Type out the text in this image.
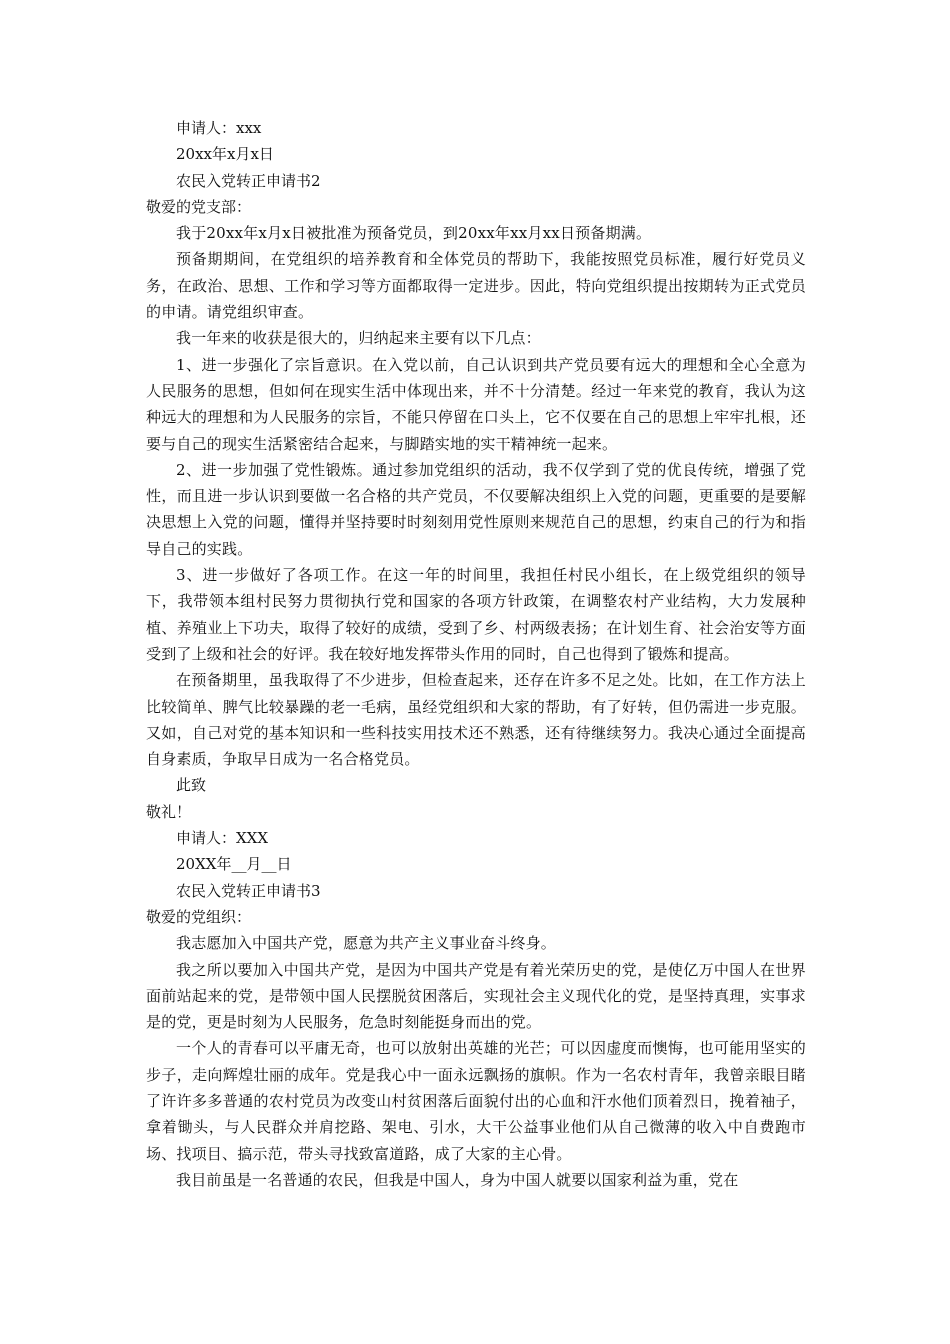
申请人：xxx

20xx年x月x日

农民入党转正申请书2

敬爱的党支部：

我于20xx年x月x日被批准为预备党员，到20xx年xx月xx日预备期满。

预备期期间，在党组织的培养教育和全体党员的帮助下，我能按照党员标准，履行好党员义务，在政治、思想、工作和学习等方面都取得一定进步。因此，特向党组织提出按期转为正式党员的申请。请党组织审查。

我一年来的收获是很大的，归纳起来主要有以下几点：

1、进一步强化了宗旨意识。在入党以前，自己认识到共产党员要有远大的理想和全心全意为人民服务的思想，但如何在现实生活中体现出来，并不十分清楚。经过一年来党的教育，我认为这种远大的理想和为人民服务的宗旨，不能只停留在口头上，它不仅要在自己的思想上牢牢扎根，还要与自己的现实生活紧密结合起来，与脚踏实地的实干精神统一起来。

2、进一步加强了党性锻炼。通过参加党组织的活动，我不仅学到了党的优良传统，增强了党性，而且进一步认识到要做一名合格的共产党员，不仅要解决组织上入党的问题，更重要的是要解决思想上入党的问题，懂得并坚持要时时刻刻用党性原则来规范自己的思想，约束自己的行为和指导自己的实践。

3、进一步做好了各项工作。在这一年的时间里，我担任村民小组长，在上级党组织的领导下，我带领本组村民努力贯彻执行党和国家的各项方针政策，在调整农村产业结构，大力发展种植、养殖业上下功夫，取得了较好的成绩，受到了乡、村两级表扬；在计划生育、社会治安等方面受到了上级和社会的好评。我在较好地发挥带头作用的同时，自己也得到了锻炼和提高。

在预备期里，虽我取得了不少进步，但检查起来，还存在许多不足之处。比如，在工作方法上比较简单、脾气比较暴躁的老一毛病，虽经党组织和大家的帮助，有了好转，但仍需进一步克服。又如，自己对党的基本知识和一些科技实用技术还不熟悉，还有待继续努力。我决心通过全面提高自身素质，争取早日成为一名合格党员。

此致

敬礼！

申请人：XXX

20XX年__月__日

农民入党转正申请书3

敬爱的党组织：

我志愿加入中国共产党，愿意为共产主义事业奋斗终身。

我之所以要加入中国共产党，是因为中国共产党是有着光荣历史的党，是使亿万中国人在世界面前站起来的党，是带领中国人民摆脱贫困落后，实现社会主义现代化的党，是坚持真理，实事求是的党，更是时刻为人民服务，危急时刻能挺身而出的党。

一个人的青春可以平庸无奇，也可以放射出英雄的光芒；可以因虚度而懊悔，也可能用坚实的步子，走向辉煌壮丽的成年。党是我心中一面永远飘扬的旗帜。作为一名农村青年，我曾亲眼目睹了许许多多普通的农村党员为改变山村贫困落后面貌付出的心血和汗水他们顶着烈日，挽着袖子，拿着锄头，与人民群众并肩挖路、架电、引水，大干公益事业他们从自己微薄的收入中自费跑市场、找项目、搞示范，带头寻找致富道路，成了大家的主心骨。

我目前虽是一名普通的农民，但我是中国人，身为中国人就要以国家利益为重，党在
